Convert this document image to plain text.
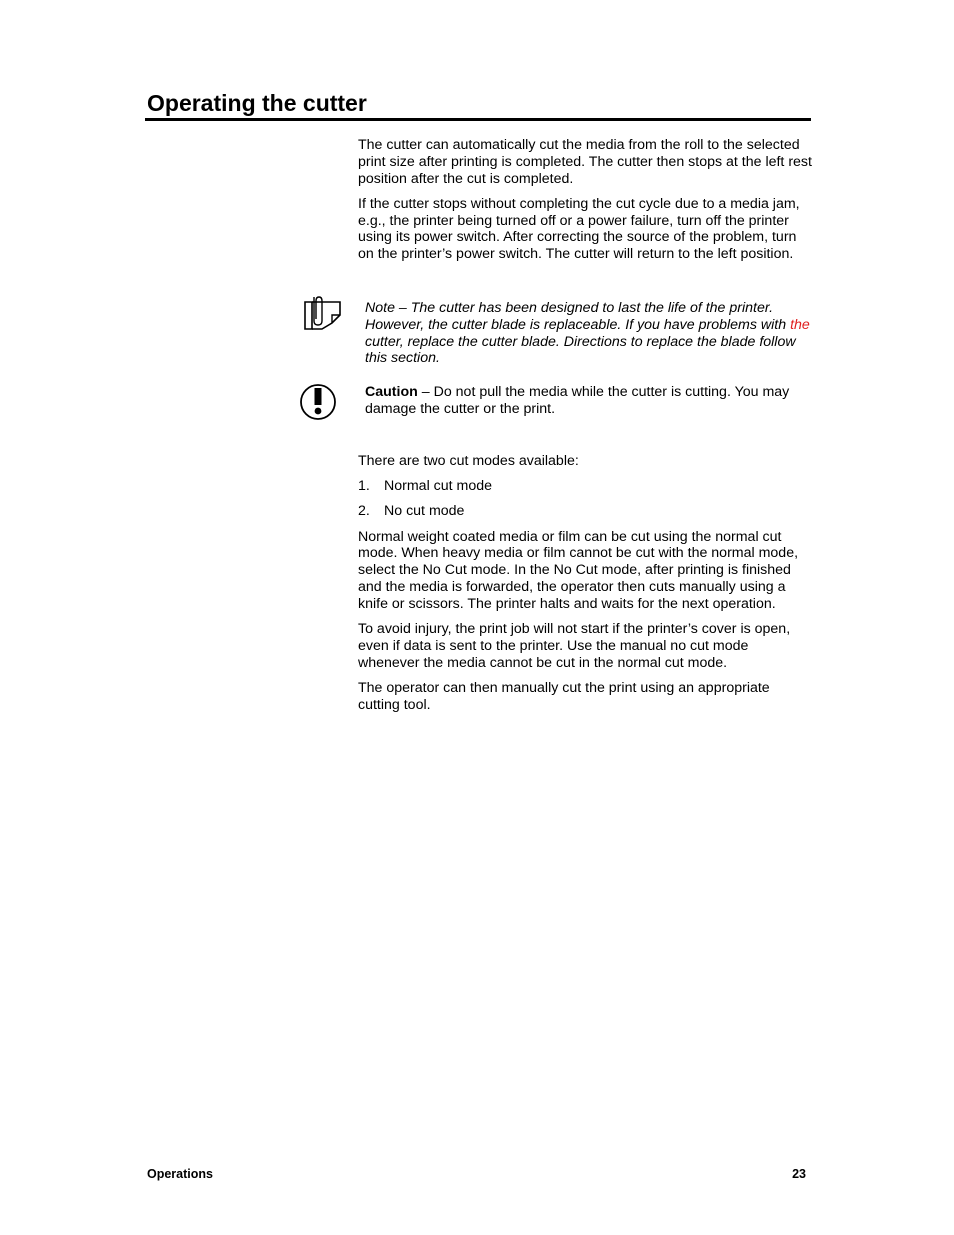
Operating the cutter

The cutter can automatically cut the media from the roll to the selected print size after printing is completed. The cutter then stops at the left rest position after the cut is completed.

If the cutter stops without completing the cut cycle due to a media jam, e.g., the printer being turned off or a power failure, turn off the printer using its power switch. After correcting the source of the problem, turn on the printer’s power switch. The cutter will return to the left position.

Note – The cutter has been designed to last the life of the printer. However, the cutter blade is replaceable. If you have problems with the cutter, replace the cutter blade. Directions to replace the blade follow this section.
Caution – Do not pull the media while the cutter is cutting. You may damage the cutter or the print.

There are two cut modes available:

1. Normal cut mode

2. No cut mode

Normal weight coated media or film can be cut using the normal cut mode. When heavy media or film cannot be cut with the normal mode, select the No Cut mode. In the No Cut mode, after printing is finished and the media is forwarded, the operator then cuts manually using a knife or scissors. The printer halts and waits for the next operation.

To avoid injury, the print job will not start if the printer’s cover is open, even if data is sent to the printer. Use the manual no cut mode whenever the media cannot be cut in the normal cut mode.

The operator can then manually cut the print using an appropriate cutting tool.

Operations	23
